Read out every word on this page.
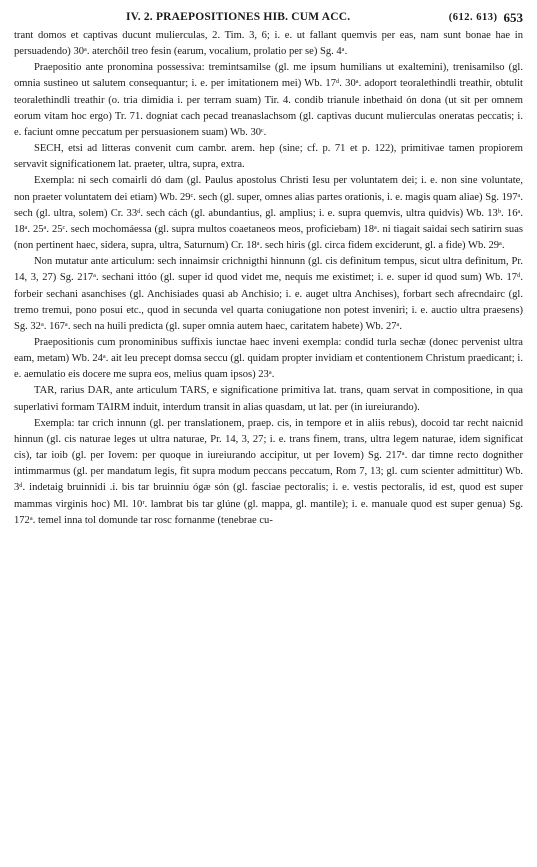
IV. 2. PRAEPOSITIONES HIB. CUM ACC.	(612. 613) 653

trant domos et captivas ducunt mulierculas, 2. Tim. 3, 6; i. e. ut fallant quemvis per eas, nam sunt bonae hae in persuadendo) 30ᵃ. aterchôil treo fesin (earum, vocalium, prolatio per se) Sg. 4ᵃ.

Praepositio ante pronomina possessiva: tremintsamilse (gl. me ipsum humilians ut exalteminі), trenisamilso (gl. omnia sustineo ut salutem consequantur; i. e. per imitationem mei) Wb. 17ᵈ. 30ᵃ. adoport teoralethindli treathir, obtulit teoralethindli treathir (o. tria dimidia i. per terram suam) Tir. 4. condib trianule inbethaid ón dona (ut sit per omnem eorum vitam hoc ergo) Tr. 71. dogniat cach pecad treanaslachsom (gl. captivas ducunt mulierculas oneratas peccatis; i. e. faciunt omne peccatum per persuasionem suam) Wb. 30ᶜ.

SECH, etsi ad litteras convenit cum cambr. arem. hep (sine; cf. p. 71 et p. 122), primitivae tamen propiorem servavit significationem lat. praeter, ultra, supra, extra.

Exempla: ni sech comairli dó dam (gl. Paulus apostolus Christi Iesu per voluntatem dei; i. e. non sine voluntate, non praeter voluntatem dei etiam) Wb. 29ᶜ. sech (gl. super, omnes alias partes orationis, i. e. magis quam aliae) Sg. 197ᵃ. sech (gl. ultra, solem) Cr. 33ᵈ. sech cách (gl. abundantius, gl. amplius; i. e. supra quemvis, ultra quidvis) Wb. 13ᵇ. 16ᵃ. 18ᵃ. 25ᵃ. 25ᶜ. sech mochomáessa (gl. supra multos coaetaneos meos, proficiebam) 18ᵃ. ni tiagait saidai sech satirirn suas (non pertinent haec, sidera, supra, ultra, Saturnum) Cr. 18ᵃ. sech hiris (gl. circa fidem exciderunt, gl. a fide) Wb. 29ᵃ.

Non mutatur ante articulum: sech innaimsir crichnigthi hinnunn (gl. cis definitum tempus, sicut ultra definitum, Pr. 14, 3, 27) Sg. 217ᵃ. sechani ittóo (gl. super id quod videt me, nequis me existimet; i. e. super id quod sum) Wb. 17ᵈ. forbeir sechani asanchises (gl. Anchisiades quasi ab Anchisio; i. e. auget ultra Anchises), forbart sech afrecndairc (gl. tremo tremui, pono posui etc., quod in secunda vel quarta coniugatione non potest inveniri; i. e. auctio ultra praesens) Sg. 32ᵃ. 167ᵃ. sech na huili predicta (gl. super omnia autem haec, caritatem habete) Wb. 27ᵃ.

Praepositionis cum pronominibus suffixis iunctae haec inveni exempla: condid turla sechæ (donec pervenist ultra eam, metam) Wb. 24ᵃ. ait leu precept domsa seccu (gl. quidam propter invidiam et contentionem Christum praedicant; i. e. aemulatio eis docere me supra eos, melius quam ipsos) 23ᵃ.

TAR, rarius DAR, ante articulum TARS, e significatione primitiva lat. trans, quam servat in compositione, in qua superlativi formam TAIRM induit, interdum transit in alias quasdam, ut lat. per (in iureiurando).

Exempla: tar crich innunn (gl. per translationem, praep. cis, in tempore et in aliis rebus), docoid tar recht naicnid hinnun (gl. cis naturae leges ut ultra naturae, Pr. 14, 3, 27; i. e. trans finem, trans, ultra legem naturae, idem significat cis), tar ioib (gl. per Iovem: per quoque in iureiurando accipitur, ut per Iovem) Sg. 217ᵃ. dar timne recto dognither intimmarmus (gl. per mandatum legis, fit supra modum peccans peccatum, Rom 7, 13; gl. cum scienter admittitur) Wb. 3ᵈ. indetaig bruinnidi .i. bis tar bruinniu ógæ són (gl. fasciae pectoralis; i. e. vestis pectoralis, id est, quod est super mammas virginis hoc) Ml. 10ʳ. lambrat bis tar glúne (gl. mappa, gl. mantile); i. e. manuale quod est super genua) Sg. 172ᵃ. temel inna tol domunde tar rosc fornanme (tenebrae cu-
